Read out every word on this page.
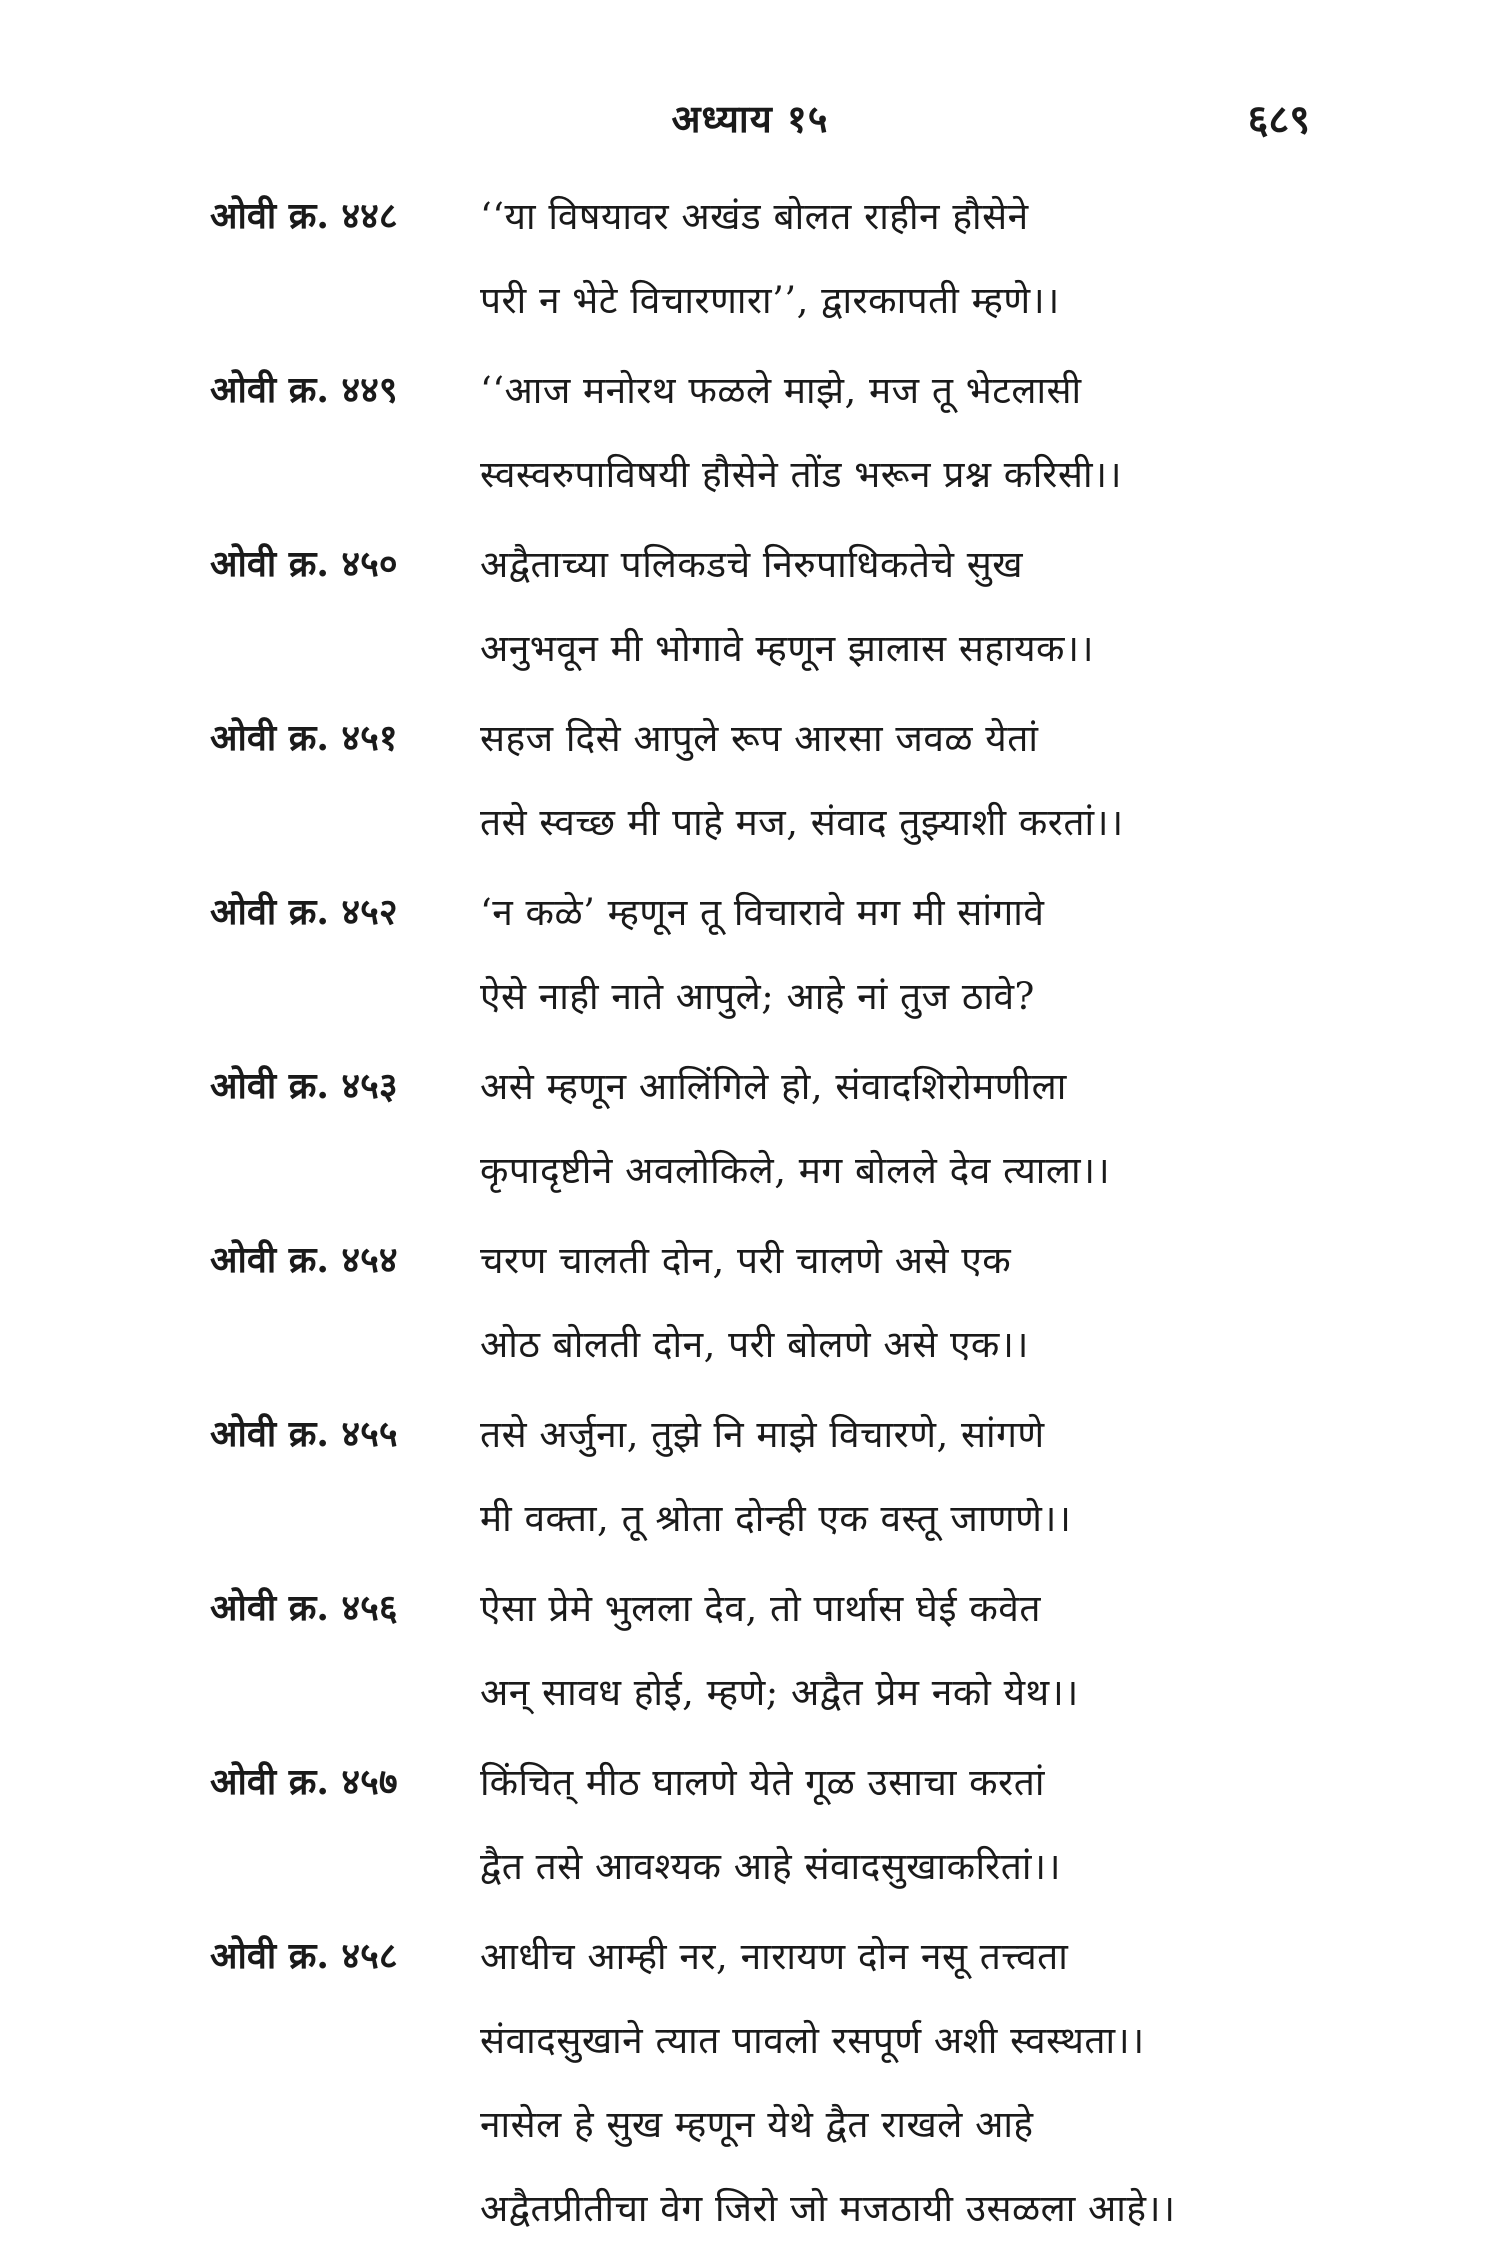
अध्याय १५	६८९
ओवी क्र. ४४८	‘‘या विषयावर अखंड बोलत राहीन हौसेने
परी न भेटे विचारणारा’’, द्वारकापती म्हणे।।
ओवी क्र. ४४९	‘‘आज मनोरथ फळले माझे, मज तू भेटलासी
स्वस्वरुपाविषयी हौसेने तोंड भरून प्रश्न करिसी।।
ओवी क्र. ४५०	अद्वैताच्या पलिकडचे निरुपाधिकतेचे सुख
अनुभवून मी भोगावे म्हणून झालास सहायक।।
ओवी क्र. ४५१	सहज दिसे आपुले रूप आरसा जवळ येतां
तसे स्वच्छ मी पाहे मज, संवाद तुझ्याशी करतां।।
ओवी क्र. ४५२	‘न कळे’ म्हणून तू विचारावे मग मी सांगावे
ऐसे नाही नाते आपुले; आहे नां तुज ठावे?
ओवी क्र. ४५३	असे म्हणून आलिंगिले हो, संवादशिरोमणीला
कृपादृष्टीने अवलोकिले, मग बोलले देव त्याला।।
ओवी क्र. ४५४	चरण चालती दोन, परी चालणे असे एक
ओठ बोलती दोन, परी बोलणे असे एक।।
ओवी क्र. ४५५	तसे अर्जुना, तुझे नि माझे विचारणे, सांगणे
मी वक्ता, तू श्रोता दोन्ही एक वस्तू जाणणे।।
ओवी क्र. ४५६	ऐसा प्रेमे भुलला देव, तो पार्थास घेई कवेत
अन् सावध होई, म्हणे; अद्वैत प्रेम नको येथ।।
ओवी क्र. ४५७	किंचित् मीठ घालणे येते गूळ उसाचा करतां
द्वैत तसे आवश्यक आहे संवादसुखाकरितां।।
ओवी क्र. ४५८	आधीच आम्ही नर, नारायण दोन नसू तत्त्वता
संवादसुखाने त्यात पावलो रसपूर्ण अशी स्वस्थता।।
नासेल हे सुख म्हणून येथे द्वैत राखले आहे
अद्वैतप्रीतीचा वेग जिरो जो मजठायी उसळला आहे।।
